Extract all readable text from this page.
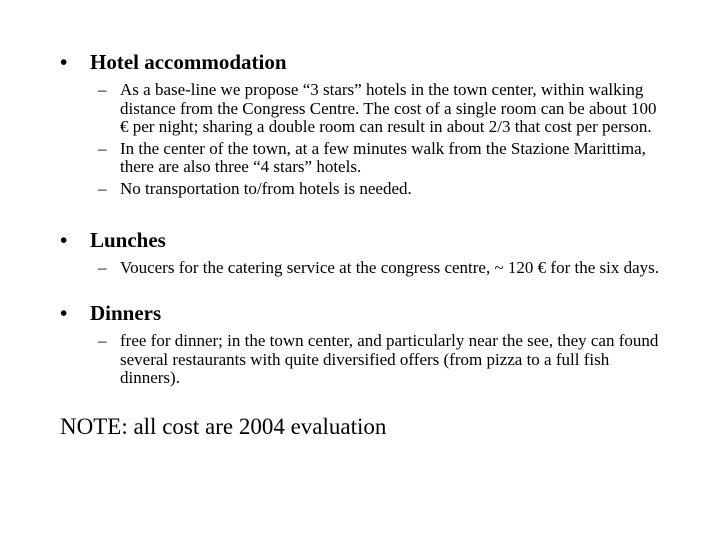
• Hotel accommodation
– As a base-line we propose “3 stars” hotels in the town center, within walking distance from the Congress Centre. The cost of a single room can be about 100 € per night; sharing a double room can result in about 2/3 that cost per person.
– In the center of the town, at a few minutes walk from the Stazione Marittima, there are also three “4 stars” hotels.
– No transportation to/from hotels is needed.
• Lunches
– Voucers for the catering service at the congress centre, ~ 120 € for the six days.
• Dinners
– free for dinner; in the town center, and particularly near the see, they can found several restaurants with quite diversified offers (from pizza to a full fish dinners).
NOTE: all cost are 2004 evaluation
